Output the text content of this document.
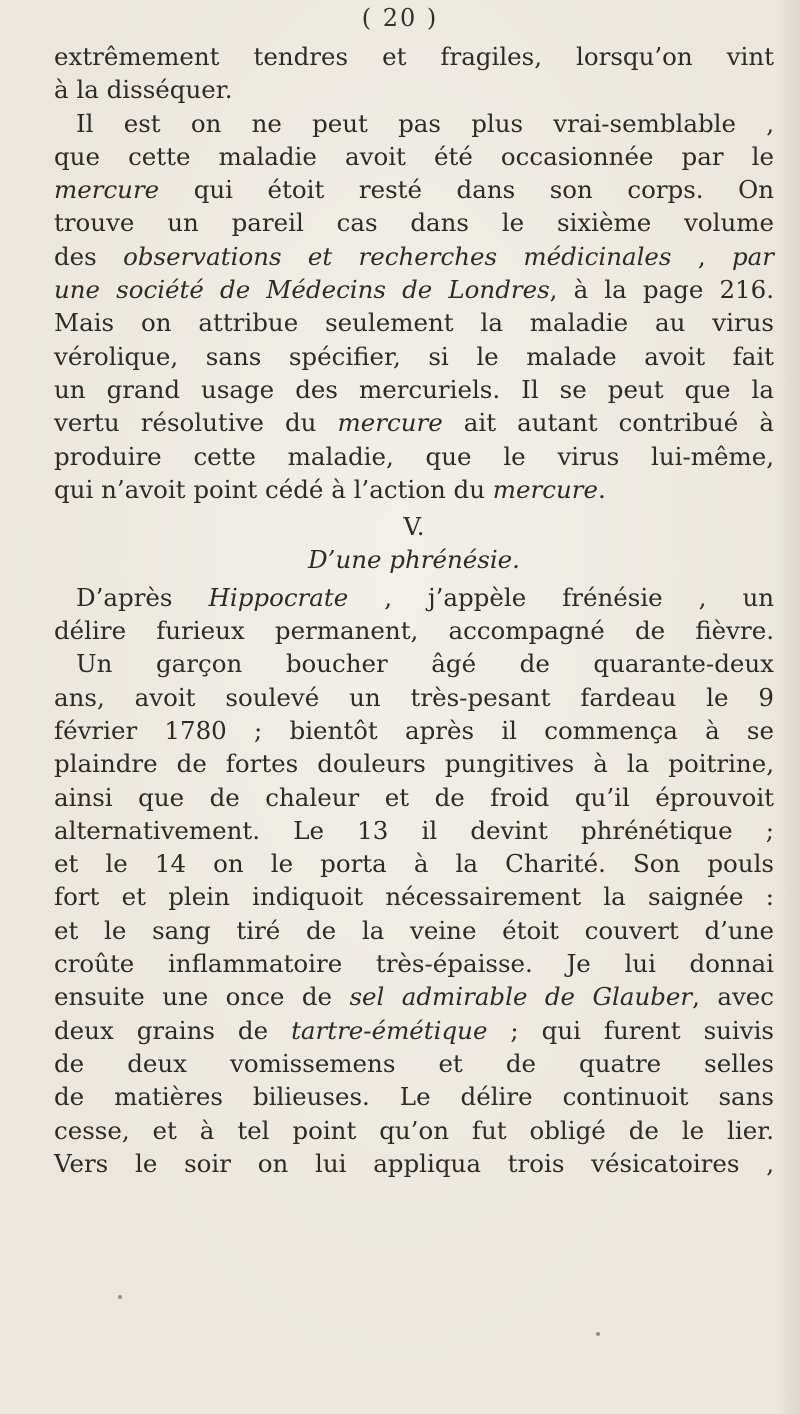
( 20 )
extrêmement tendres et fragiles, lorsqu’on vint
à la disséquer.
Il est on ne peut pas plus vrai-semblable ,
que cette maladie avoit été occasionnée par le
mercure qui étoit resté dans son corps. On
trouve un pareil cas dans le sixième volume
des observations et recherches médicinales , par
une société de Médecins de Londres, à la page 216.
Mais on attribue seulement la maladie au virus
vérolique, sans spécifier, si le malade avoit fait
un grand usage des mercuriels. Il se peut que la
vertu résolutive du mercure ait autant contribué à
produire cette maladie, que le virus lui-même,
qui n’avoit point cédé à l’action du mercure.
V.
D’une phrénésie.
D’après Hippocrate , j’appèle frénésie , un
délire furieux permanent, accompagné de fièvre.
Un garçon boucher âgé de quarante-deux
ans, avoit soulevé un très-pesant fardeau le 9
février 1780 ; bientôt après il commença à se
plaindre de fortes douleurs pungitives à la poitrine,
ainsi que de chaleur et de froid qu’il éprouvoit
alternativement. Le 13 il devint phrénétique ;
et le 14 on le porta à la Charité. Son pouls
fort et plein indiquoit nécessairement la saignée :
et le sang tiré de la veine étoit couvert d’une
croûte inflammatoire très-épaisse. Je lui donnai
ensuite une once de sel admirable de Glauber, avec
deux grains de tartre-émétique ; qui furent suivis
de deux vomissemens et de quatre selles
de matières bilieuses. Le délire continuoit sans
cesse, et à tel point qu’on fut obligé de le lier.
Vers le soir on lui appliqua trois vésicatoires ,
